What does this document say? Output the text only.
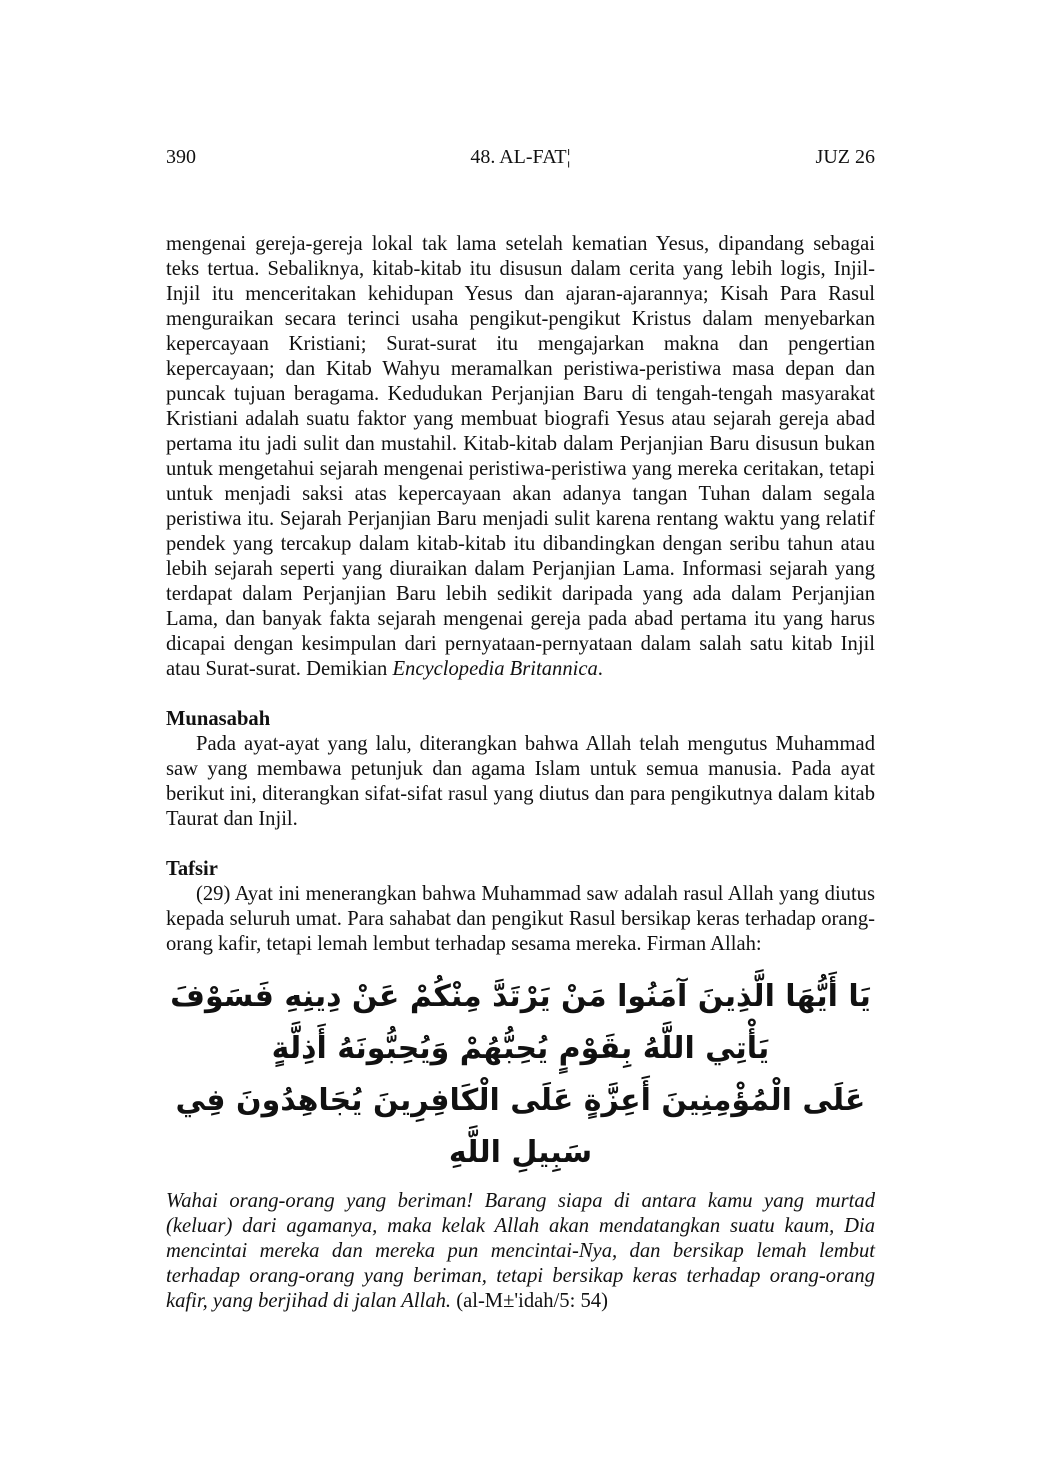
390	48. AL-FAT¦	JUZ 26

mengenai gereja-gereja lokal tak lama setelah kematian Yesus, dipandang sebagai teks tertua. Sebaliknya, kitab-kitab itu disusun dalam cerita yang lebih logis, Injil-Injil itu menceritakan kehidupan Yesus dan ajaran-ajarannya; Kisah Para Rasul menguraikan secara terinci usaha pengikut-pengikut Kristus dalam menyebarkan kepercayaan Kristiani; Surat-surat itu mengajarkan makna dan pengertian kepercayaan; dan Kitab Wahyu meramalkan peristiwa-peristiwa masa depan dan puncak tujuan beragama. Kedudukan Perjanjian Baru di tengah-tengah masyarakat Kristiani adalah suatu faktor yang membuat biografi Yesus atau sejarah gereja abad pertama itu jadi sulit dan mustahil. Kitab-kitab dalam Perjanjian Baru disusun bukan untuk mengetahui sejarah mengenai peristiwa-peristiwa yang mereka ceritakan, tetapi untuk menjadi saksi atas kepercayaan akan adanya tangan Tuhan dalam segala peristiwa itu. Sejarah Perjanjian Baru menjadi sulit karena rentang waktu yang relatif pendek yang tercakup dalam kitab-kitab itu dibandingkan dengan seribu tahun atau lebih sejarah seperti yang diuraikan dalam Perjanjian Lama. Informasi sejarah yang terdapat dalam Perjanjian Baru lebih sedikit daripada yang ada dalam Perjanjian Lama, dan banyak fakta sejarah mengenai gereja pada abad pertama itu yang harus dicapai dengan kesimpulan dari pernyataan-pernyataan dalam salah satu kitab Injil atau Surat-surat. Demikian Encyclopedia Britannica.

Munasabah

Pada ayat-ayat yang lalu, diterangkan bahwa Allah telah mengutus Muhammad saw yang membawa petunjuk dan agama Islam untuk semua manusia. Pada ayat berikut ini, diterangkan sifat-sifat rasul yang diutus dan para pengikutnya dalam kitab Taurat dan Injil.

Tafsir

(29) Ayat ini menerangkan bahwa Muhammad saw adalah rasul Allah yang diutus kepada seluruh umat. Para sahabat dan pengikut Rasul bersikap keras terhadap orang-orang kafir, tetapi lemah lembut terhadap sesama mereka. Firman Allah:

يَا أَيُّهَا الَّذِينَ آمَنُوا مَنْ يَرْتَدَّ مِنْكُمْ عَنْ دِينِهِ فَسَوْفَ يَأْتِي اللَّهُ بِقَوْمٍ يُحِبُّهُمْ وَيُحِبُّونَهُ أَذِلَّةٍ
عَلَى الْمُؤْمِنِينَ أَعِزَّةٍ عَلَى الْكَافِرِينَ يُجَاهِدُونَ فِي سَبِيلِ اللَّهِ

Wahai orang-orang yang beriman! Barang siapa di antara kamu yang murtad (keluar) dari agamanya, maka kelak Allah akan mendatangkan suatu kaum, Dia mencintai mereka dan mereka pun mencintai-Nya, dan bersikap lemah lembut terhadap orang-orang yang beriman, tetapi bersikap keras terhadap orang-orang kafir, yang berjihad di jalan Allah. (al-M±'idah/5: 54)
